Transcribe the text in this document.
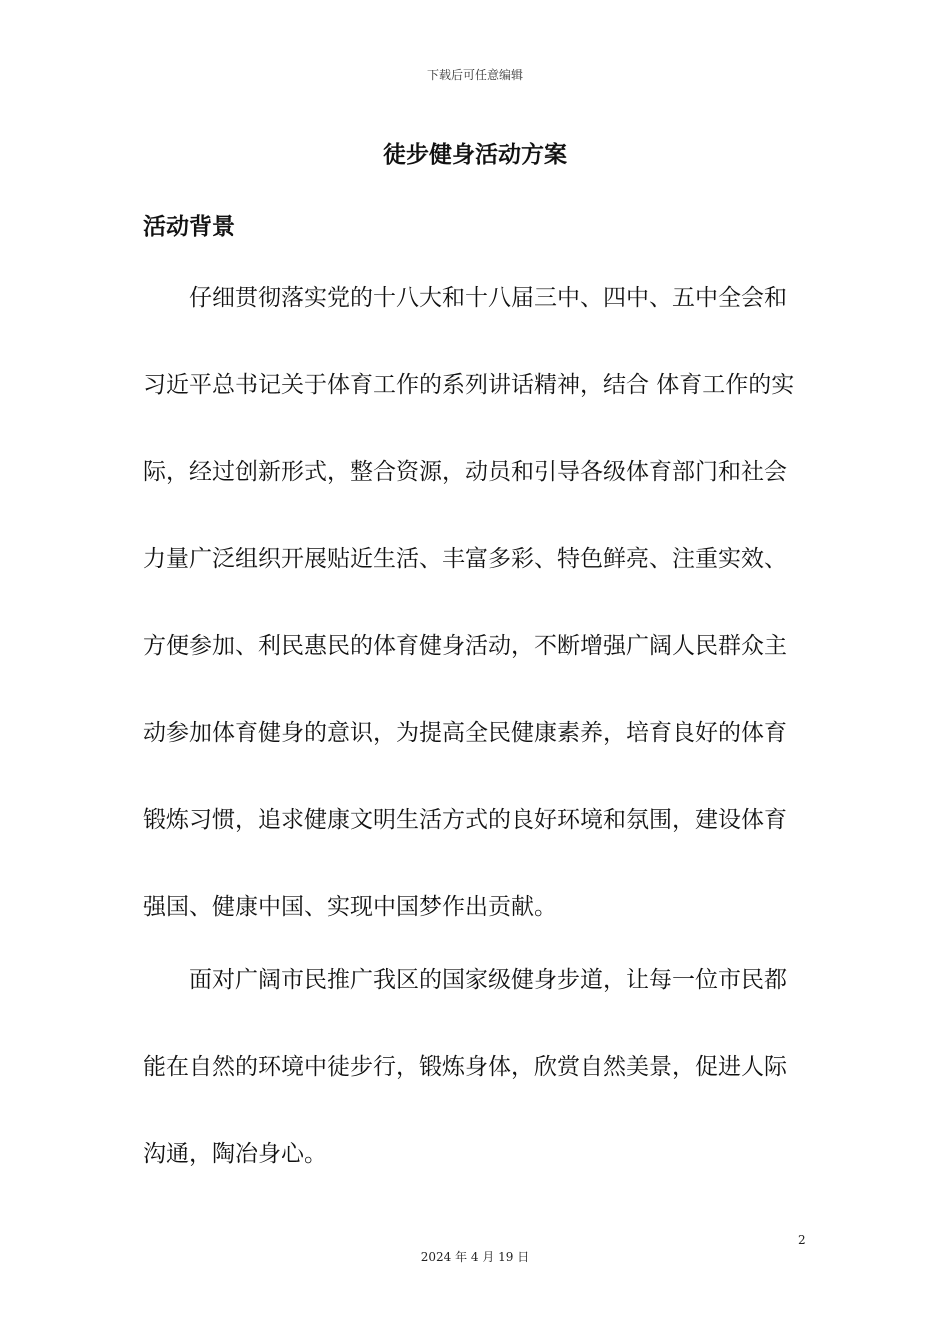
下载后可任意编辑
徒步健身活动方案
活动背景
仔细贯彻落实党的十八大和十八届三中、四中、五中全会和
习近平总书记关于体育工作的系列讲话精神，结合 体育工作的实
际，经过创新形式，整合资源，动员和引导各级体育部门和社会
力量广泛组织开展贴近生活、丰富多彩、特色鲜亮、注重实效、
方便参加、利民惠民的体育健身活动，不断增强广阔人民群众主
动参加体育健身的意识，为提高全民健康素养，培育良好的体育
锻炼习惯，追求健康文明生活方式的良好环境和氛围，建设体育
强国、健康中国、实现中国梦作出贡献。
面对广阔市民推广我区的国家级健身步道，让每一位市民都
能在自然的环境中徒步行，锻炼身体，欣赏自然美景，促进人际
沟通，陶冶身心。
2
2024 年 4 月 19 日
